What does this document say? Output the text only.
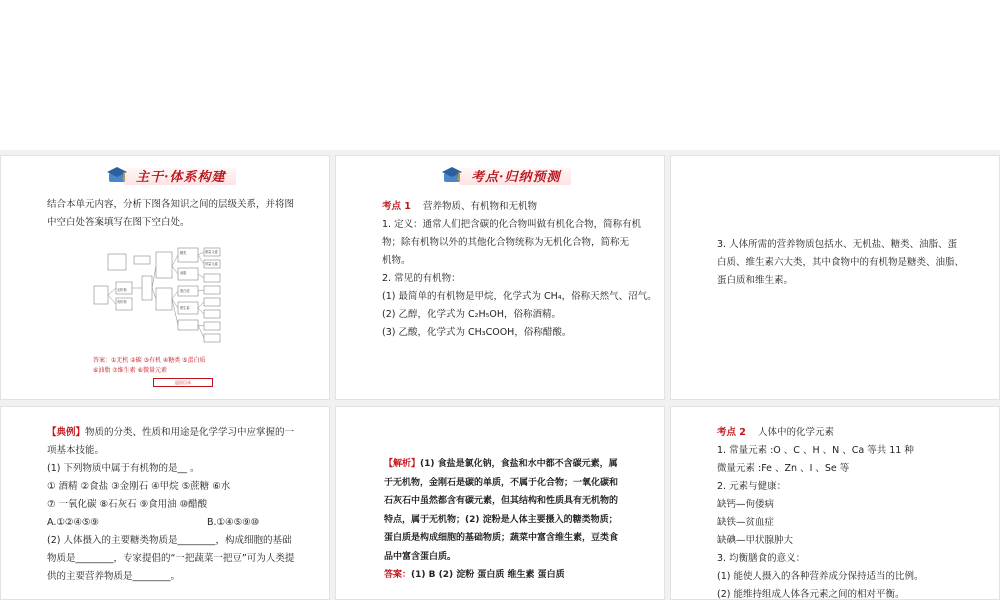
主干·体系构建
结合本单元内容，分析下图各知识之间的层级关系，并将图
中空白处答案填写在图下空白处。
有机物
无机物
糖类
油脂
蛋白质
维生素
微量元素
常量元素
答案：①无机 ②碳 ③有机 ④糖类 ⑤蛋白质
⑥油脂 ⑦维生素 ⑧微量元素
返回目录
考点·归纳预测
考点 1 营养物质、有机物和无机物
1. 定义：通常人们把含碳的化合物叫做有机化合物，简称有机
物；除有机物以外的其他化合物统称为无机化合物，简称无
机物。
2. 常见的有机物：
(1) 最简单的有机物是甲烷，化学式为 CH₄，俗称天然气、沼气。
(2) 乙醇，化学式为 C₂H₅OH，俗称酒精。
(3) 乙酸，化学式为 CH₃COOH，俗称醋酸。
3. 人体所需的营养物质包括水、无机盐、糖类、油脂、蛋
白质、维生素六大类，其中食物中的有机物是糖类、油脂、
蛋白质和维生素。
【典例】物质的分类、性质和用途是化学学习中应掌握的一
项基本技能。
(1) 下列物质中属于有机物的是__ 。
① 酒精 ②食盐 ③金刚石 ④甲烷 ⑤蔗糖 ⑥水
⑦ 一氧化碳 ⑧石灰石 ⑨食用油 ⑩醋酸
A.①②④⑤⑨	B.①④⑤⑨⑩
(2) 人体摄入的主要糖类物质是________，构成细胞的基础
物质是________，专家提倡的“一把蔬菜一把豆”可为人类提
供的主要营养物质是________。
【解析】(1) 食盐是氯化钠，食盐和水中都不含碳元素，属
于无机物，金刚石是碳的单质，不属于化合物；一氧化碳和
石灰石中虽然都含有碳元素，但其结构和性质具有无机物的
特点，属于无机物；(2) 淀粉是人体主要摄入的糖类物质；
蛋白质是构成细胞的基础物质；蔬菜中富含维生素，豆类食
品中富含蛋白质。
答案：(1) B (2) 淀粉 蛋白质 维生素 蛋白质
考点 2 人体中的化学元素
1. 常量元素 :O 、C 、H 、N 、Ca 等共 11 种
微量元素 :Fe 、Zn 、I 、Se 等
2. 元素与健康：
缺钙—佝偻病
缺铁—贫血症
缺碘—甲状腺肿大
3. 均衡膳食的意义：
(1) 能使人摄入的各种营养成分保持适当的比例。
(2) 能维持组成人体各元素之间的相对平衡。
